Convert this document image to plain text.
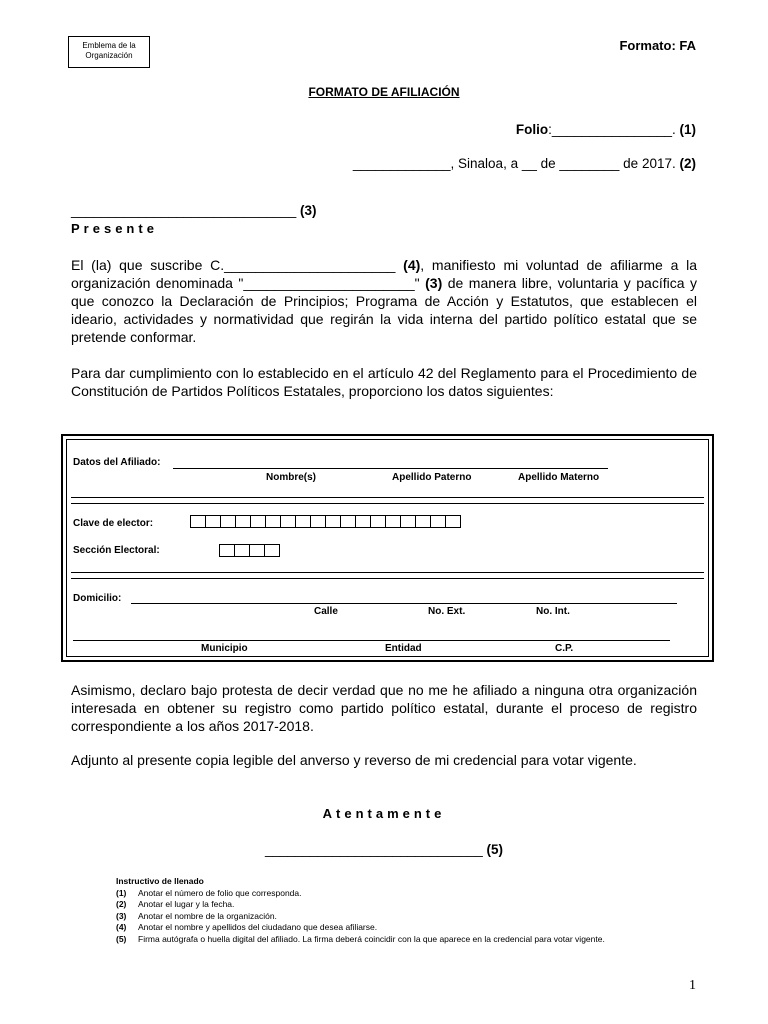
Emblema de la
Organización
Formato: FA
FORMATO DE AFILIACIÓN
Folio:________________. (1)
_____________, Sinaloa, a __ de ________ de 2017. (2)
______________________________ (3)
Presente
El (la) que suscribe C.______________________ (4), manifiesto mi voluntad de afiliarme a la organización denominada "______________________" (3) de manera libre, voluntaria y pacífica y que conozco la Declaración de Principios; Programa de Acción y Estatutos, que establecen el ideario, actividades y normatividad que regirán la vida interna del partido político estatal que se pretende conformar.
Para dar cumplimiento con lo establecido en el artículo 42 del Reglamento para el Procedimiento de Constitución de Partidos Políticos Estatales, proporciono los datos siguientes:
Datos del Afiliado:
Nombre(s)	Apellido Paterno	Apellido Materno
Clave de elector:
Sección Electoral:
Domicilio:
Calle	No. Ext.	No. Int.
Municipio	Entidad	C.P.
Asimismo, declaro bajo protesta de decir verdad que no me he afiliado a ninguna otra organización interesada en obtener su registro como partido político estatal, durante el proceso de registro correspondiente a los años 2017-2018.
Adjunto al presente copia legible del anverso y reverso de mi credencial para votar vigente.
Atentamente
_____________________________ (5)
Instructivo de llenado
(1) Anotar el número de folio que corresponda.
(2) Anotar el lugar y la fecha.
(3) Anotar el nombre de la organización.
(4) Anotar el nombre y apellidos del ciudadano que desea afiliarse.
(5) Firma autógrafa o huella digital del afiliado. La firma deberá coincidir con la que aparece en la credencial para votar vigente.
1
